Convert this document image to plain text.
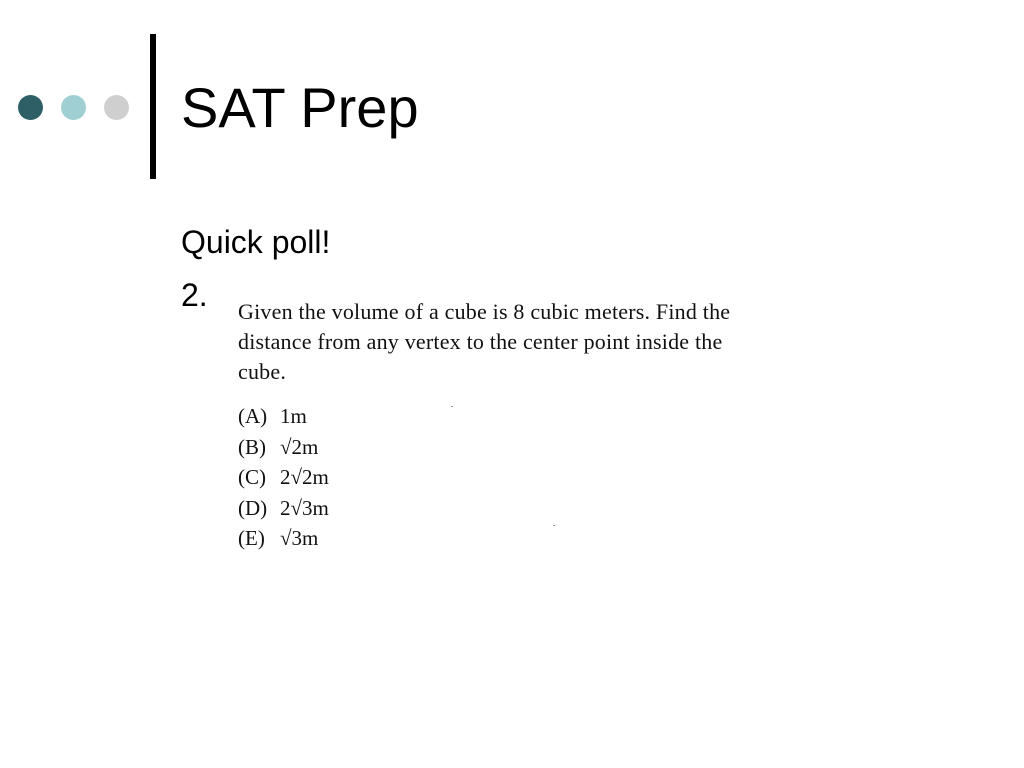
SAT Prep
Quick poll!
2. Given the volume of a cube is 8 cubic meters. Find the distance from any vertex to the center point inside the cube.

(A) 1m
(B) √2m
(C) 2√2m
(D) 2√3m
(E) √3m
